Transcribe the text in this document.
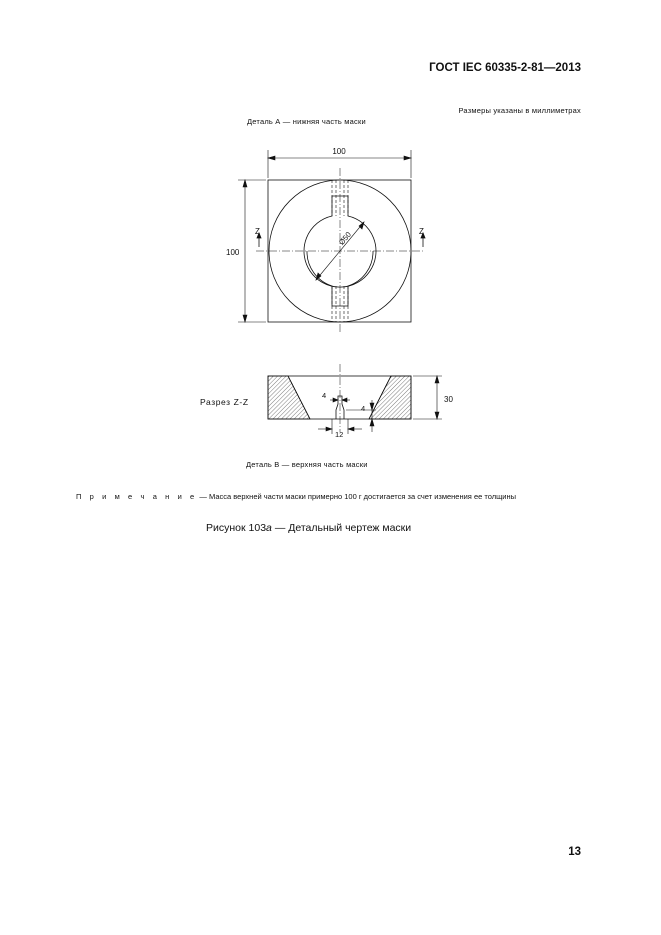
ГОСТ IEC 60335-2-81—2013
Размеры указаны в миллиметрах
Деталь А — нижняя часть маски
100
100
Ø50
Z	Z
Разрез Z-Z	30
4
4
12
Деталь В — верхняя часть маски
П р и м е ч а н и е — Масса верхней части маски примерно 100 г достигается за счет изменения ее толщины
Рисунок 103а — Детальный чертеж маски
13
